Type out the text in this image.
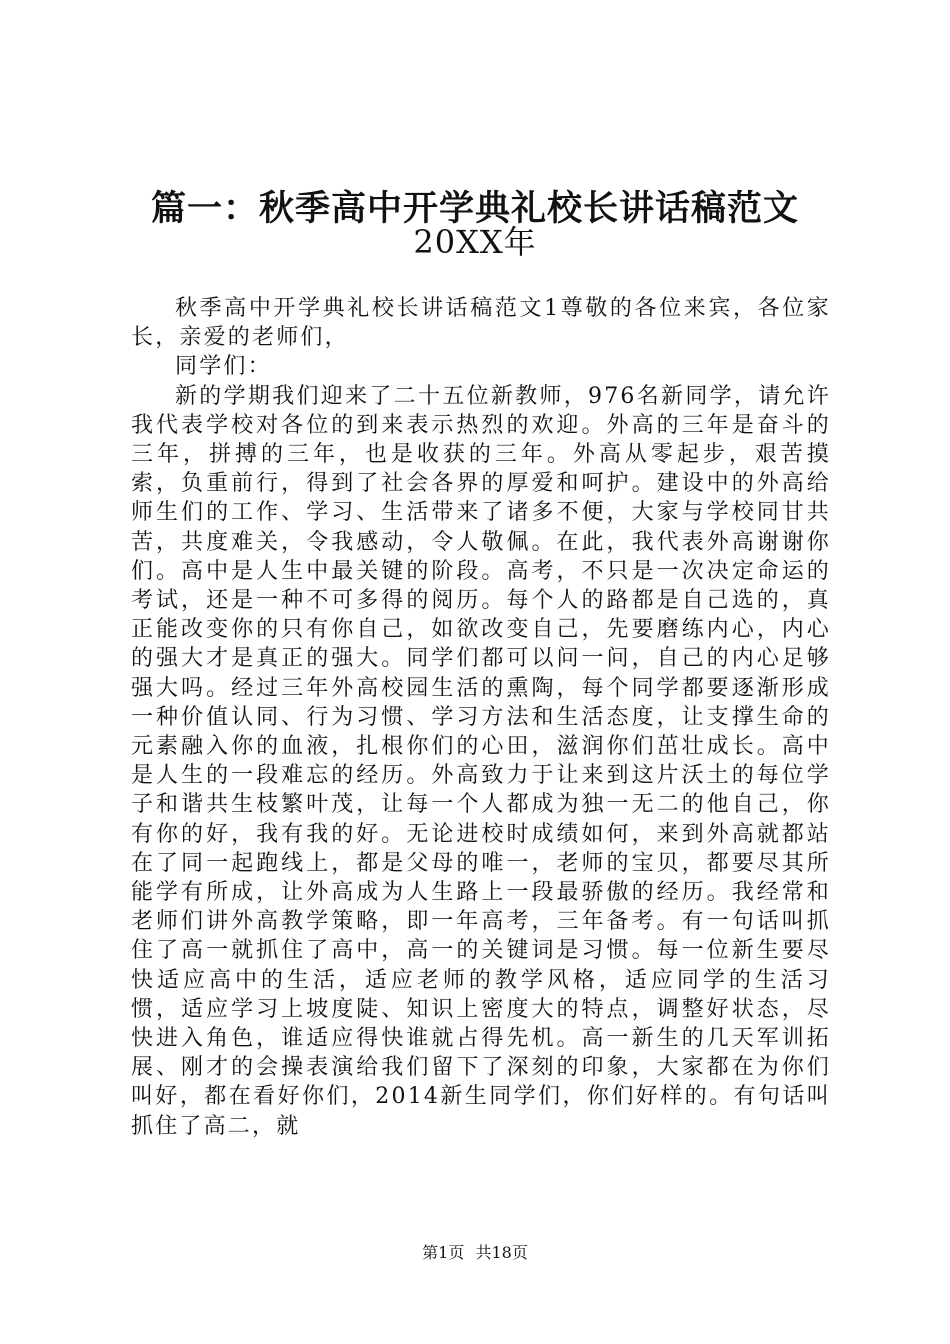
篇一：秋季高中开学典礼校长讲话稿范文
20XX年

秋季高中开学典礼校长讲话稿范文1尊敬的各位来宾，各位家长，亲爱的老师们，

同学们：

新的学期我们迎来了二十五位新教师，976名新同学，请允许我代表学校对各位的到来表示热烈的欢迎。外高的三年是奋斗的三年，拼搏的三年，也是收获的三年。外高从零起步，艰苦摸索，负重前行，得到了社会各界的厚爱和呵护。建设中的外高给师生们的工作、学习、生活带来了诸多不便，大家与学校同甘共苦，共度难关，令我感动，令人敬佩。在此，我代表外高谢谢你们。高中是人生中最关键的阶段。高考，不只是一次决定命运的考试，还是一种不可多得的阅历。每个人的路都是自己选的，真正能改变你的只有你自己，如欲改变自己，先要磨练内心，内心的强大才是真正的强大。同学们都可以问一问，自己的内心足够强大吗。经过三年外高校园生活的熏陶，每个同学都要逐渐形成一种价值认同、行为习惯、学习方法和生活态度，让支撑生命的元素融入你的血液，扎根你们的心田，滋润你们茁壮成长。高中是人生的一段难忘的经历。外高致力于让来到这片沃土的每位学子和谐共生枝繁叶茂，让每一个人都成为独一无二的他自己，你有你的好，我有我的好。无论进校时成绩如何，来到外高就都站在了同一起跑线上，都是父母的唯一，老师的宝贝，都要尽其所能学有所成，让外高成为人生路上一段最骄傲的经历。我经常和老师们讲外高教学策略，即一年高考，三年备考。有一句话叫抓住了高一就抓住了高中，高一的关键词是习惯。每一位新生要尽快适应高中的生活，适应老师的教学风格，适应同学的生活习惯，适应学习上坡度陡、知识上密度大的特点，调整好状态，尽快进入角色，谁适应得快谁就占得先机。高一新生的几天军训拓展、刚才的会操表演给我们留下了深刻的印象，大家都在为你们叫好，都在看好你们，2014新生同学们，你们好样的。有句话叫抓住了高二，就

第1页 共18页
